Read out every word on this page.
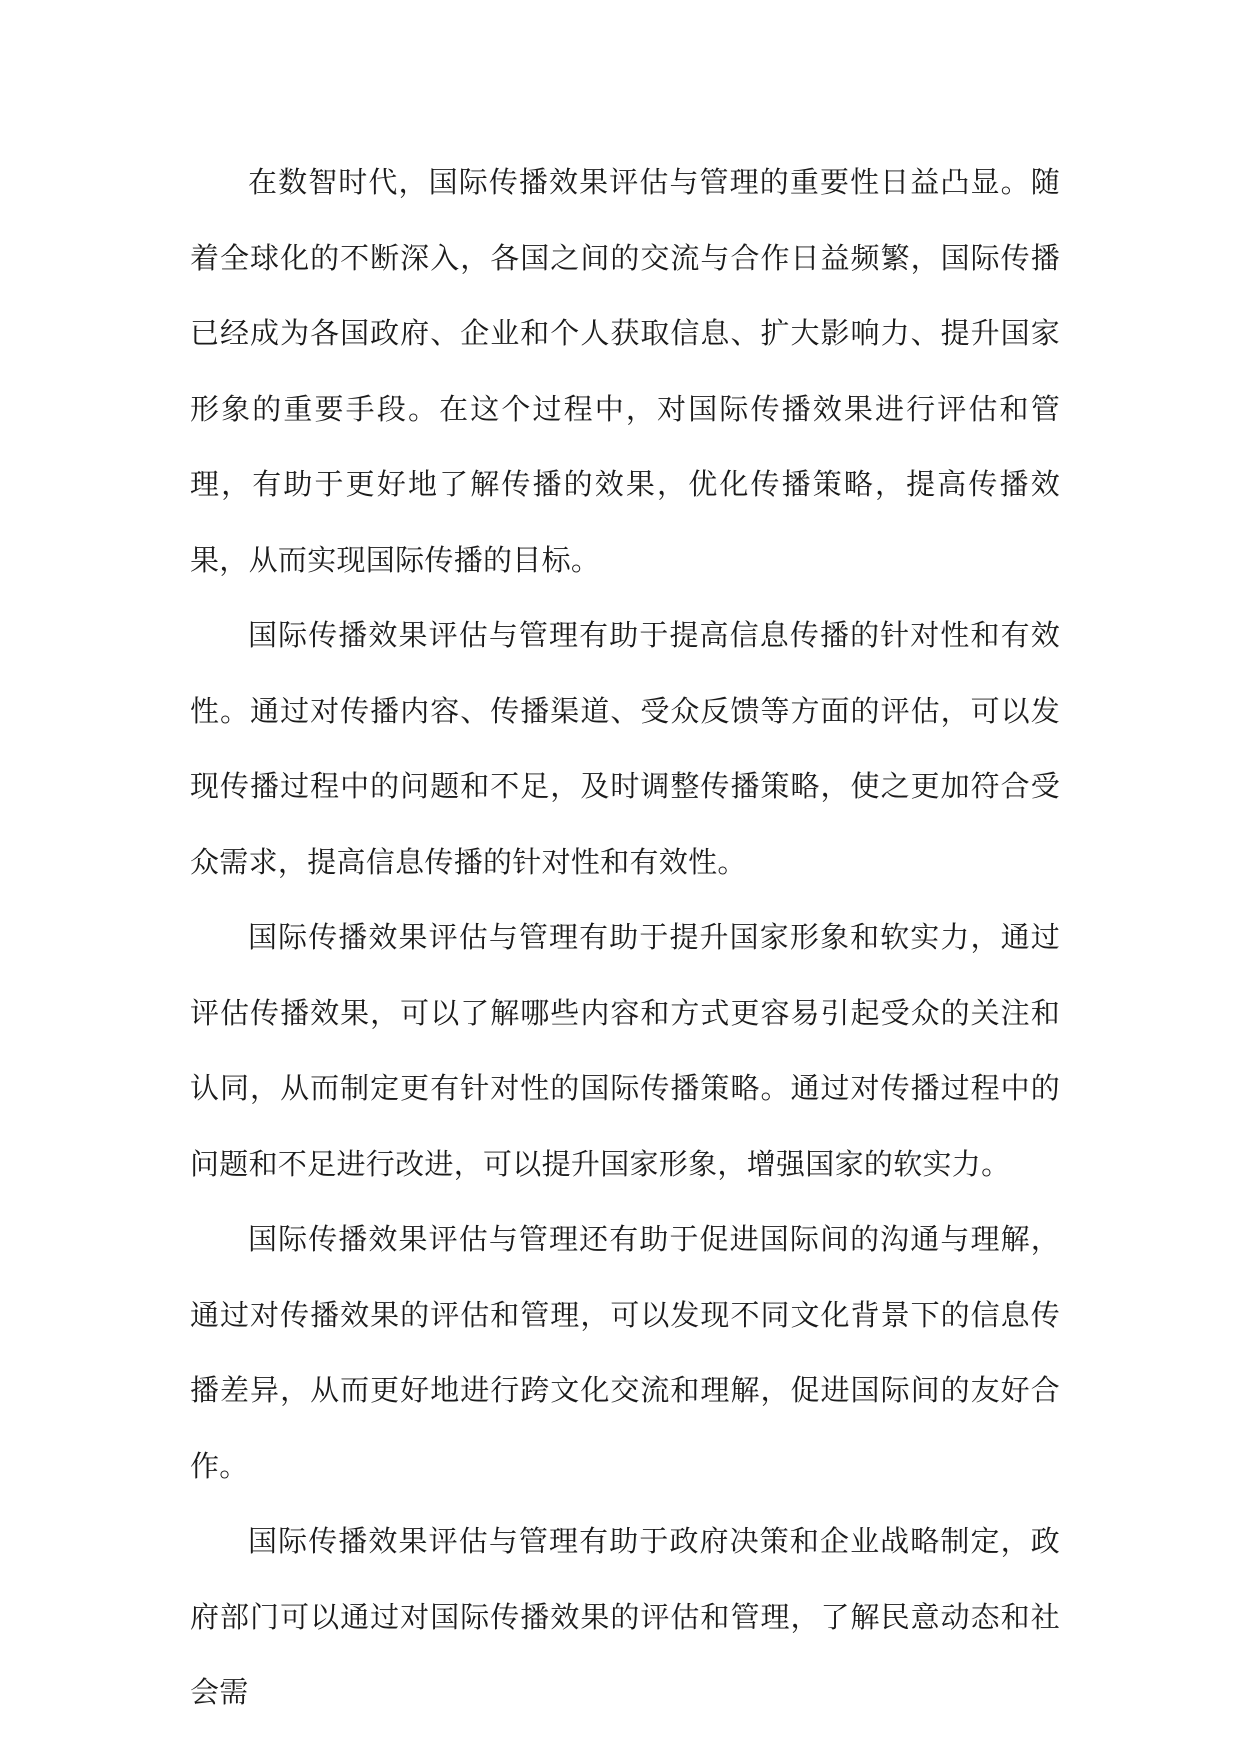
在数智时代，国际传播效果评估与管理的重要性日益凸显。随着全球化的不断深入，各国之间的交流与合作日益频繁，国际传播已经成为各国政府、企业和个人获取信息、扩大影响力、提升国家形象的重要手段。在这个过程中，对国际传播效果进行评估和管理，有助于更好地了解传播的效果，优化传播策略，提高传播效果，从而实现国际传播的目标。

国际传播效果评估与管理有助于提高信息传播的针对性和有效性。通过对传播内容、传播渠道、受众反馈等方面的评估，可以发现传播过程中的问题和不足，及时调整传播策略，使之更加符合受众需求，提高信息传播的针对性和有效性。

国际传播效果评估与管理有助于提升国家形象和软实力，通过评估传播效果，可以了解哪些内容和方式更容易引起受众的关注和认同，从而制定更有针对性的国际传播策略。通过对传播过程中的问题和不足进行改进，可以提升国家形象，增强国家的软实力。

国际传播效果评估与管理还有助于促进国际间的沟通与理解，通过对传播效果的评估和管理，可以发现不同文化背景下的信息传播差异，从而更好地进行跨文化交流和理解，促进国际间的友好合作。

国际传播效果评估与管理有助于政府决策和企业战略制定，政府部门可以通过对国际传播效果的评估和管理，了解民意动态和社会需
